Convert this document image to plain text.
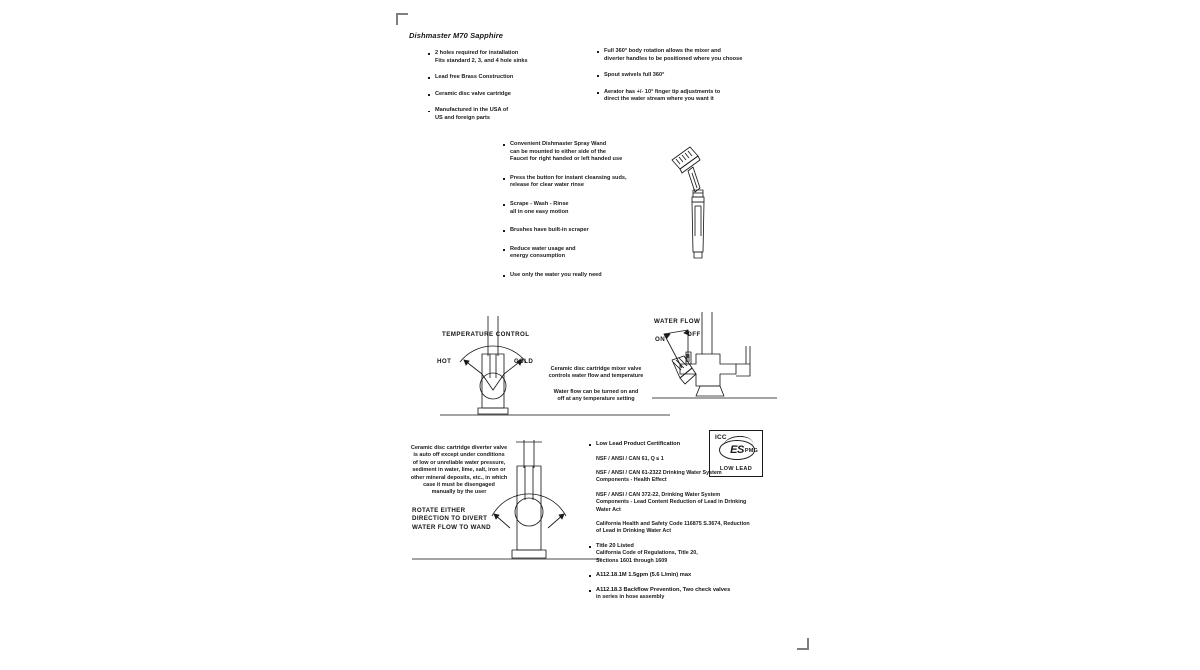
Dishmaster M70 Sapphire
2 holes required for installation
Fits standard 2, 3, and 4 hole sinks
Lead free Brass Construction
Ceramic disc valve cartridge
Manufactured in the USA of
US and foreign parts
Full 360° body rotation allows the mixer and
diverter handles to be positioned where you choose
Spout swivels full 360°
Aerator has +/- 10° finger tip adjustments to
direct the water stream where you want it
Convenient Dishmaster Spray Wand
can be mounted to either side of the
Faucet for right handed or left handed use
Press the button for instant cleansing suds,
release for clear water rinse
Scrape - Wash - Rinse
all in one easy motion
Brushes have built-in scraper
Reduce water usage and
energy consumption
Use only the water you really need
TEMPERATURE CONTROL
HOT	COLD
Ceramic disc cartridge mixer valve
controls water flow and temperature
Water flow can be turned on and
off at any temperature setting
WATER FLOW
ON
OFF
Ceramic disc cartridge diverter valve
is auto off except under conditions
of low or unreliable water pressure,
sediment in water, lime, salt, iron or
other mineral deposits, etc., in which
case it must be disengaged
manually by the user
ROTATE EITHER
DIRECTION TO DIVERT
WATER FLOW TO WAND
ICC
ES PMG
LOW LEAD
Low Lead Product Certification
NSF / ANSI / CAN 61, Q ≤ 1
NSF / ANSI / CAN 61-2322 Drinking Water System
Components - Health Effect
NSF / ANSI / CAN 372-22, Drinking Water System
Components - Lead Content Reduction of Lead in Drinking
Water Act
California Health and Safety Code 116875 S.3674, Reduction
of Lead in Drinking Water Act
Title 20 Listed
California Code of Regulations, Title 20,
Sections 1601 through 1609
A112.18.1M 1.5gpm (5.6 L/min) max
A112.18.3 Backflow Prevention, Two check valves
in series in hose assembly
